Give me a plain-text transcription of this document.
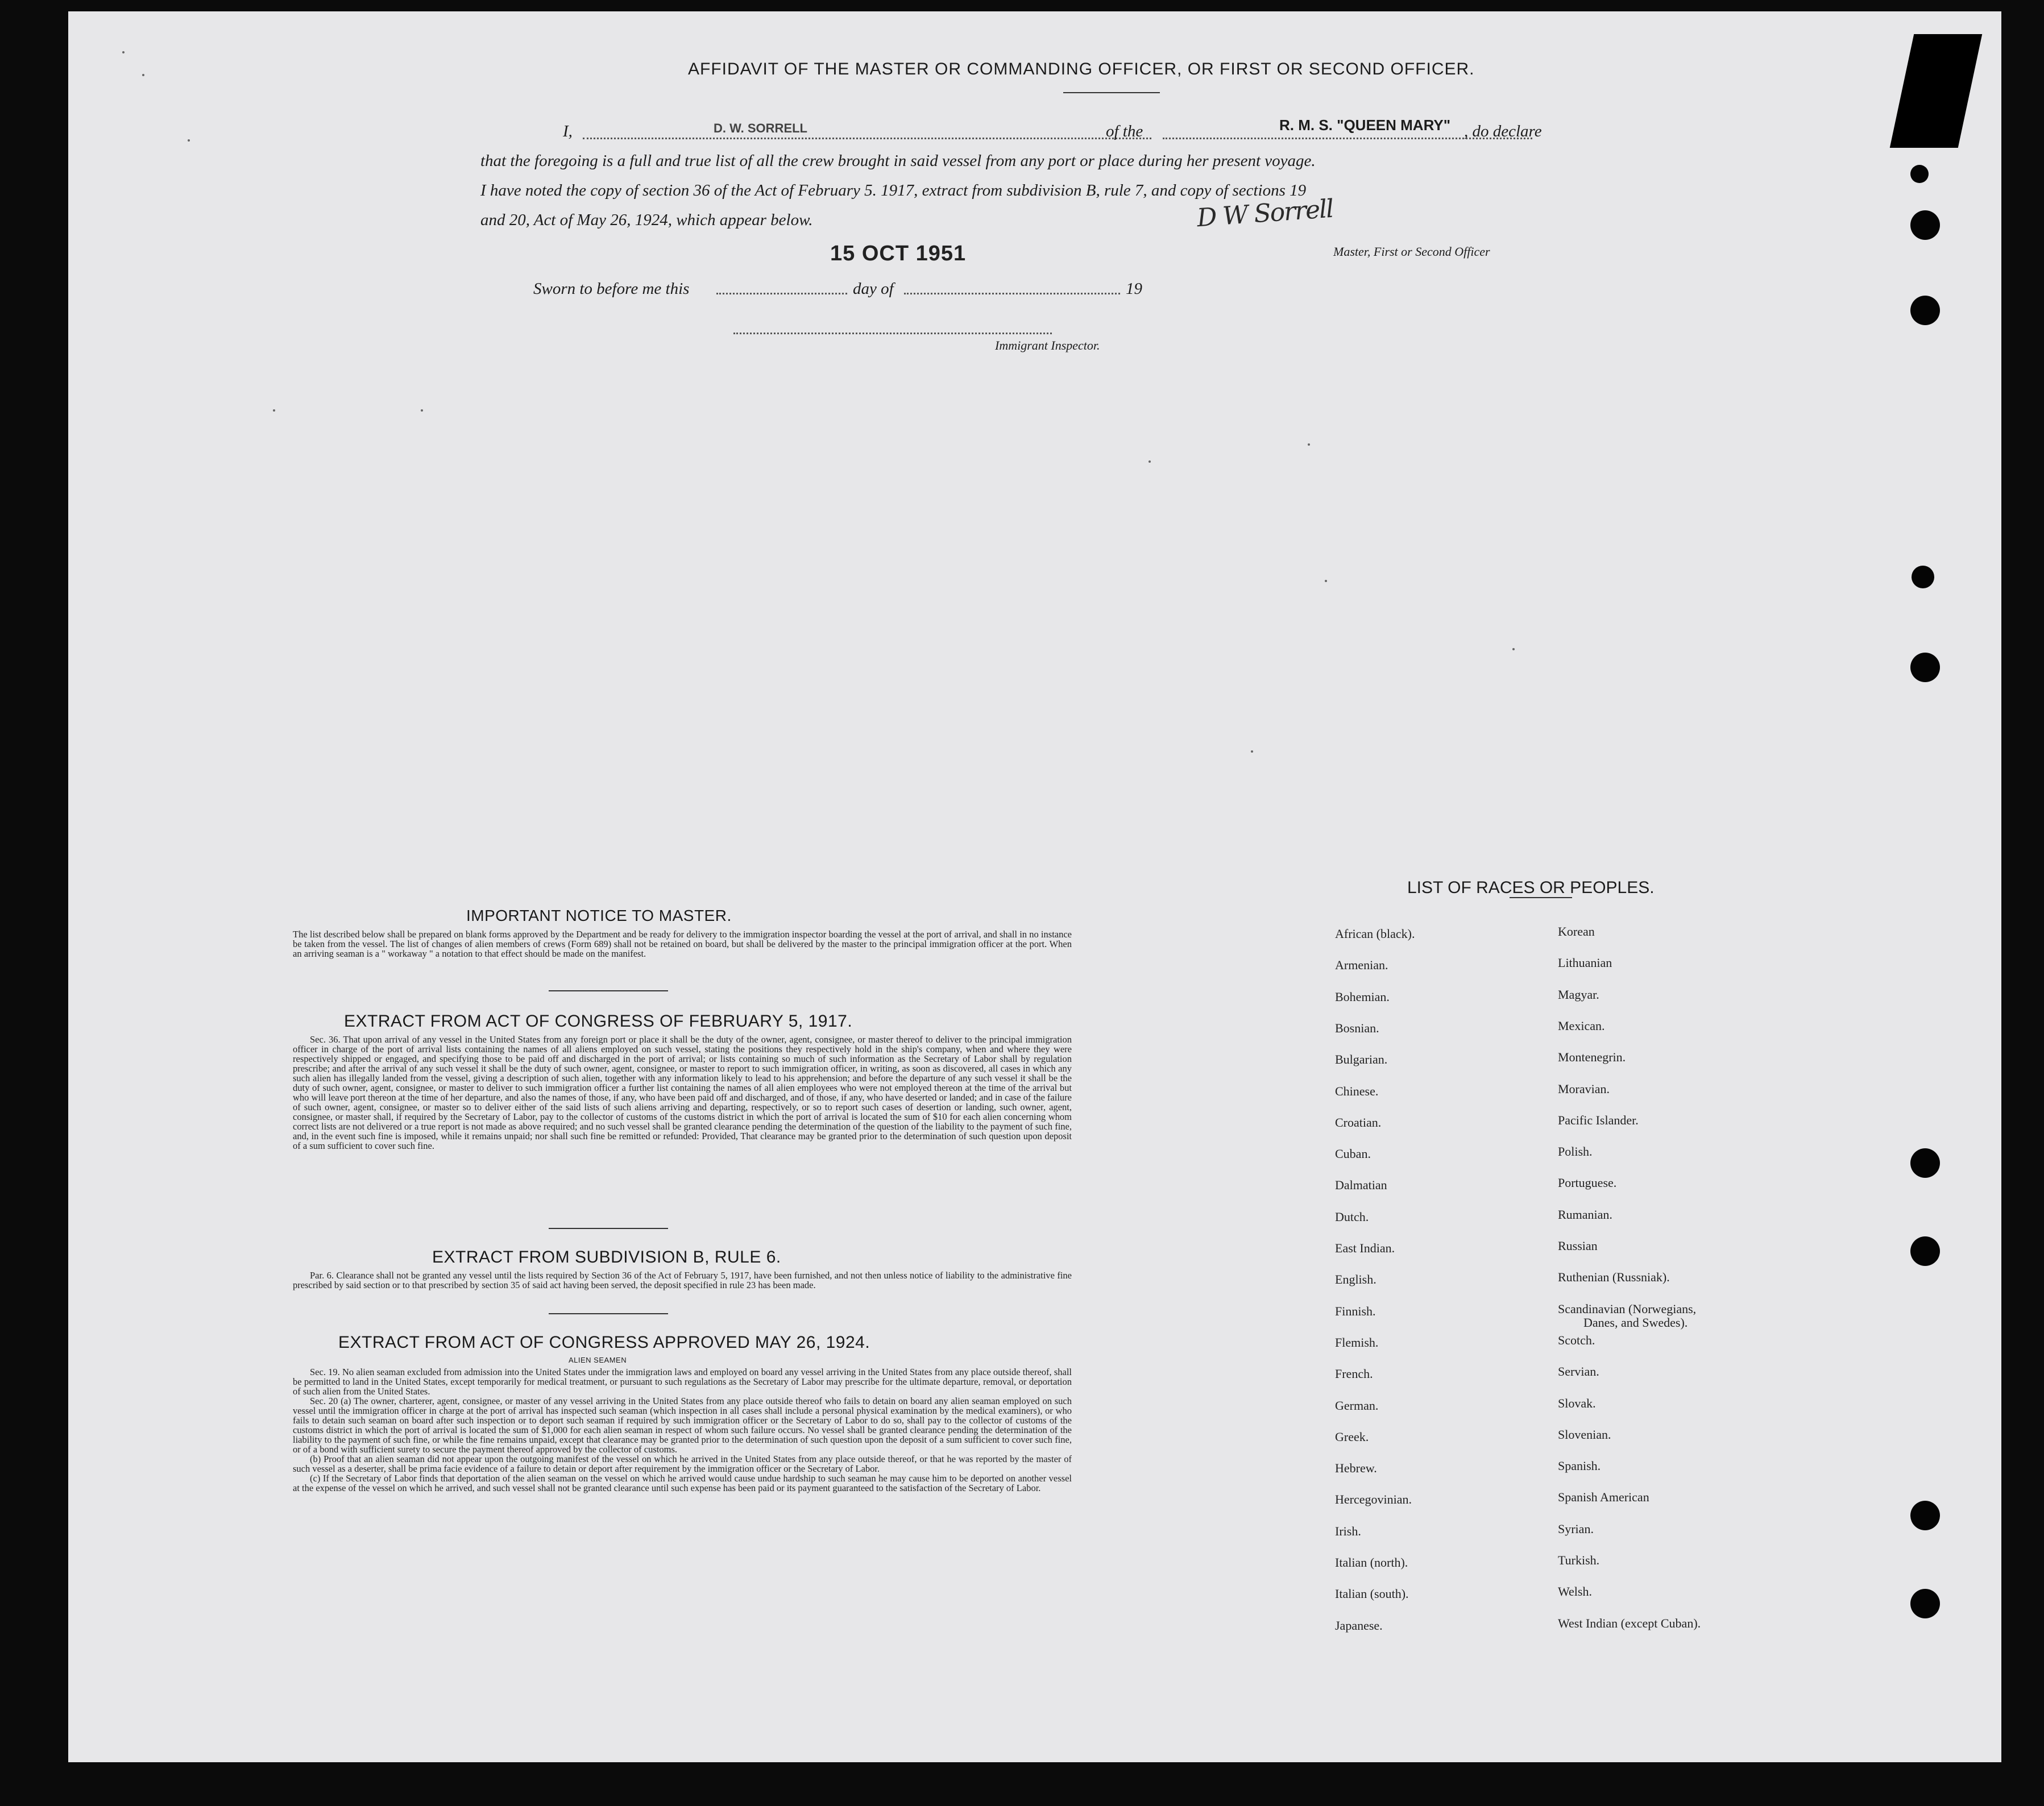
AFFIDAVIT OF THE MASTER OR COMMANDING OFFICER, OR FIRST OR SECOND OFFICER.
I,	D. W. SORRELL	of the	R. M. S. "QUEEN MARY" , do declare
that the foregoing is a full and true list of all the crew brought in said vessel from any port or place during her present voyage.
I have noted the copy of section 36 of the Act of February 5. 1917, extract from subdivision B, rule 7, and copy of sections 19
and 20, Act of May 26, 1924, which appear below.	D W Sorrell
Master, First or Second Officer
15 OCT 1951
Sworn to before me this	day of	19
Immigrant Inspector.
IMPORTANT NOTICE TO MASTER.

The list described below shall be prepared on blank forms approved by the Department and be ready for delivery to the immigration inspector boarding the vessel at the port of arrival, and shall in no instance be taken from the vessel. The list of changes of alien members of crews (Form 689) shall not be retained on board, but shall be delivered by the master to the principal immigration officer at the port. When an arriving seaman is a " workaway " a notation to that effect should be made on the manifest.

EXTRACT FROM ACT OF CONGRESS OF FEBRUARY 5, 1917.

Sec. 36. That upon arrival of any vessel in the United States from any foreign port or place it shall be the duty of the owner, agent, consignee, or master thereof to deliver to the principal immigration officer in charge of the port of arrival lists containing the names of all aliens employed on such vessel, stating the positions they respectively hold in the ship's company, when and where they were respectively shipped or engaged, and specifying those to be paid off and discharged in the port of arrival; or lists containing so much of such information as the Secretary of Labor shall by regulation prescribe; and after the arrival of any such vessel it shall be the duty of such owner, agent, consignee, or master to report to such immigration officer, in writing, as soon as discovered, all cases in which any such alien has illegally landed from the vessel, giving a description of such alien, together with any information likely to lead to his apprehension; and before the departure of any such vessel it shall be the duty of such owner, agent, consignee, or master to deliver to such immigration officer a further list containing the names of all alien employees who were not employed thereon at the time of the arrival but who will leave port thereon at the time of her departure, and also the names of those, if any, who have been paid off and discharged, and of those, if any, who have deserted or landed; and in case of the failure of such owner, agent, consignee, or master so to deliver either of the said lists of such aliens arriving and departing, respectively, or so to report such cases of desertion or landing, such owner, agent, consignee, or master shall, if required by the Secretary of Labor, pay to the collector of customs of the customs district in which the port of arrival is located the sum of $10 for each alien concerning whom correct lists are not delivered or a true report is not made as above required; and no such vessel shall be granted clearance pending the determination of the question of the liability to the payment of such fine, and, in the event such fine is imposed, while it remains unpaid; nor shall such fine be remitted or refunded: Provided, That clearance may be granted prior to the determination of such question upon deposit of a sum sufficient to cover such fine.

EXTRACT FROM SUBDIVISION B, RULE 6.

Par. 6. Clearance shall not be granted any vessel until the lists required by Section 36 of the Act of February 5, 1917, have been furnished, and not then unless notice of liability to the administrative fine prescribed by said section or to that prescribed by section 35 of said act having been served, the deposit specified in rule 23 has been made.

EXTRACT FROM ACT OF CONGRESS APPROVED MAY 26, 1924.
ALIEN SEAMEN

Sec. 19. No alien seaman excluded from admission into the United States under the immigration laws and employed on board any vessel arriving in the United States from any place outside thereof, shall be permitted to land in the United States, except temporarily for medical treatment, or pursuant to such regulations as the Secretary of Labor may prescribe for the ultimate departure, removal, or deportation of such alien from the United States.

Sec. 20 (a) The owner, charterer, agent, consignee, or master of any vessel arriving in the United States from any place outside thereof who fails to detain on board any alien seaman employed on such vessel until the immigration officer in charge at the port of arrival has inspected such seaman (which inspection in all cases shall include a personal physical examination by the medical examiners), or who fails to detain such seaman on board after such inspection or to deport such seaman if required by such immigration officer or the Secretary of Labor to do so, shall pay to the collector of customs of the customs district in which the port of arrival is located the sum of $1,000 for each alien seaman in respect of whom such failure occurs. No vessel shall be granted clearance pending the determination of the liability to the payment of such fine, or while the fine remains unpaid, except that clearance may be granted prior to the determination of such question upon the deposit of a sum sufficient to cover such fine, or of a bond with sufficient surety to secure the payment thereof approved by the collector of customs.

(b) Proof that an alien seaman did not appear upon the outgoing manifest of the vessel on which he arrived in the United States from any place outside thereof, or that he was reported by the master of such vessel as a deserter, shall be prima facie evidence of a failure to detain or deport after requirement by the immigration officer or the Secretary of Labor.

(c) If the Secretary of Labor finds that deportation of the alien seaman on the vessel on which he arrived would cause undue hardship to such seaman he may cause him to be deported on another vessel at the expense of the vessel on which he arrived, and such vessel shall not be granted clearance until such expense has been paid or its payment guaranteed to the satisfaction of the Secretary of Labor.

LIST OF RACES OR PEOPLES.
African (black).
Armenian.
Bohemian.
Bosnian.
Bulgarian.
Chinese.
Croatian.
Cuban.
Dalmatian
Dutch.
East Indian.
English.
Finnish.
Flemish.
French.
German.
Greek.
Hebrew.
Hercegovinian.
Irish.
Italian (north).
Italian (south).
Japanese.
Korean
Lithuanian
Magyar.
Mexican.
Montenegrin.
Moravian.
Pacific Islander.
Polish.
Portuguese.
Rumanian.
Russian
Ruthenian (Russniak).
Scandinavian (Norwegians,
Danes, and Swedes).
Scotch.
Servian.
Slovak.
Slovenian.
Spanish.
Spanish American
Syrian.
Turkish.
Welsh.
West Indian (except Cuban).
